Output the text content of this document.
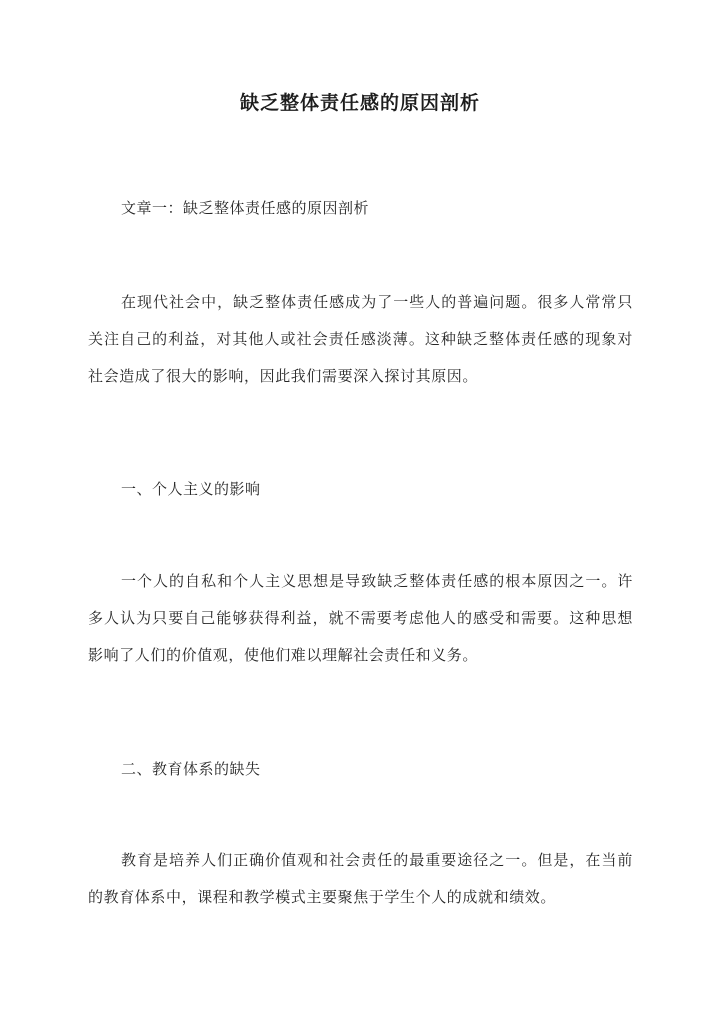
缺乏整体责任感的原因剖析
文章一：缺乏整体责任感的原因剖析
在现代社会中，缺乏整体责任感成为了一些人的普遍问题。很多人常常只关注自己的利益，对其他人或社会责任感淡薄。这种缺乏整体责任感的现象对社会造成了很大的影响，因此我们需要深入探讨其原因。
一、个人主义的影响
一个人的自私和个人主义思想是导致缺乏整体责任感的根本原因之一。许多人认为只要自己能够获得利益，就不需要考虑他人的感受和需要。这种思想影响了人们的价值观，使他们难以理解社会责任和义务。
二、教育体系的缺失
教育是培养人们正确价值观和社会责任的最重要途径之一。但是，在当前的教育体系中，课程和教学模式主要聚焦于学生个人的成就和绩效。
